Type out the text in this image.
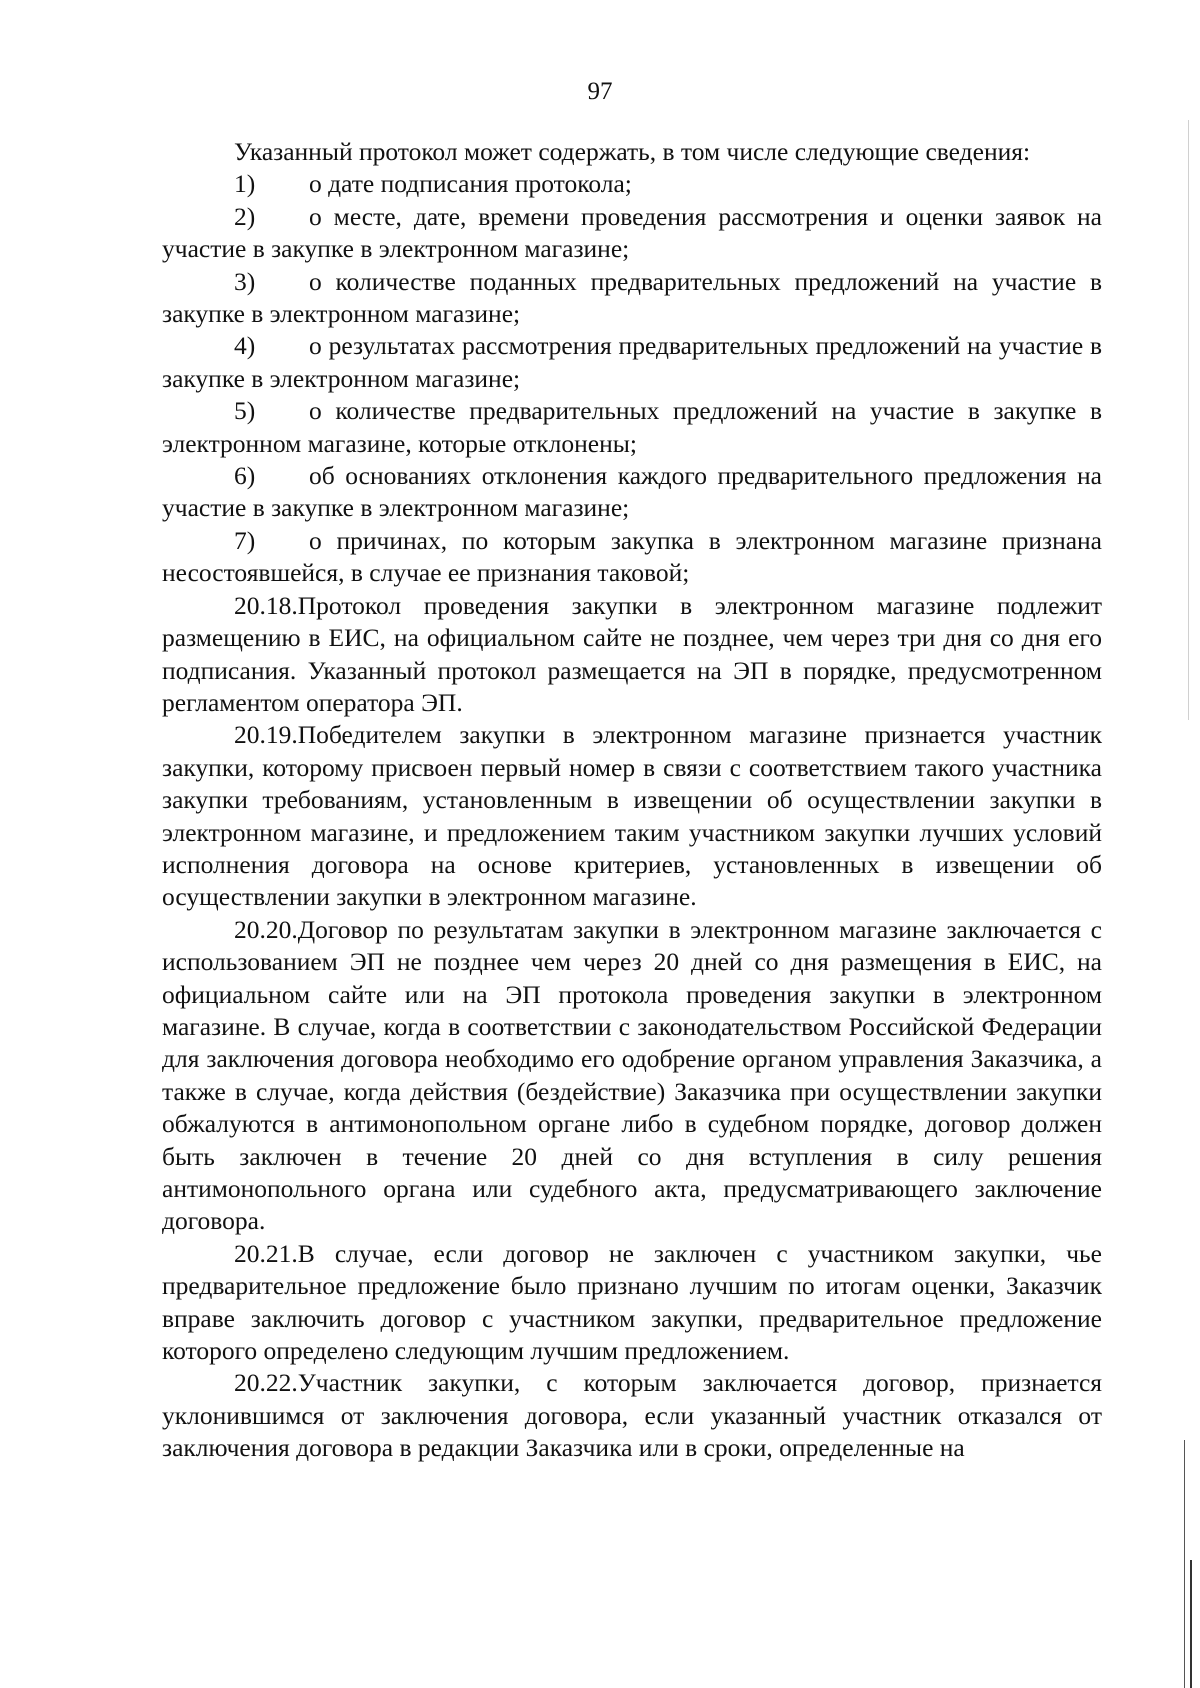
97

Указанный протокол может содержать, в том числе следующие сведения:

1) о дате подписания протокола;

2) о месте, дате, времени проведения рассмотрения и оценки заявок на участие в закупке в электронном магазине;

3) о количестве поданных предварительных предложений на участие в закупке в электронном магазине;

4) о результатах рассмотрения предварительных предложений на участие в закупке в электронном магазине;

5) о количестве предварительных предложений на участие в закупке в электронном магазине, которые отклонены;

6) об основаниях отклонения каждого предварительного предложения на участие в закупке в электронном магазине;

7) о причинах, по которым закупка в электронном магазине признана несостоявшейся, в случае ее признания таковой;

20.18.Протокол проведения закупки в электронном магазине подлежит размещению в ЕИС, на официальном сайте не позднее, чем через три дня со дня его подписания. Указанный протокол размещается на ЭП в порядке, предусмотренном регламентом оператора ЭП.

20.19.Победителем закупки в электронном магазине признается участник закупки, которому присвоен первый номер в связи с соответствием такого участника закупки требованиям, установленным в извещении об осуществлении закупки в электронном магазине, и предложением таким участником закупки лучших условий исполнения договора на основе критериев, установленных в извещении об осуществлении закупки в электронном магазине.

20.20.Договор по результатам закупки в электронном магазине заключается с использованием ЭП не позднее чем через 20 дней со дня размещения в ЕИС, на официальном сайте или на ЭП протокола проведения закупки в электронном магазине. В случае, когда в соответствии с законодательством Российской Федерации для заключения договора необходимо его одобрение органом управления Заказчика, а также в случае, когда действия (бездействие) Заказчика при осуществлении закупки обжалуются в антимонопольном органе либо в судебном порядке, договор должен быть заключен в течение 20 дней со дня вступления в силу решения антимонопольного органа или судебного акта, предусматривающего заключение договора.

20.21.В случае, если договор не заключен с участником закупки, чье предварительное предложение было признано лучшим по итогам оценки, Заказчик вправе заключить договор с участником закупки, предварительное предложение которого определено следующим лучшим предложением.

20.22.Участник закупки, с которым заключается договор, признается уклонившимся от заключения договора, если указанный участник отказался от заключения договора в редакции Заказчика или в сроки, определенные на
